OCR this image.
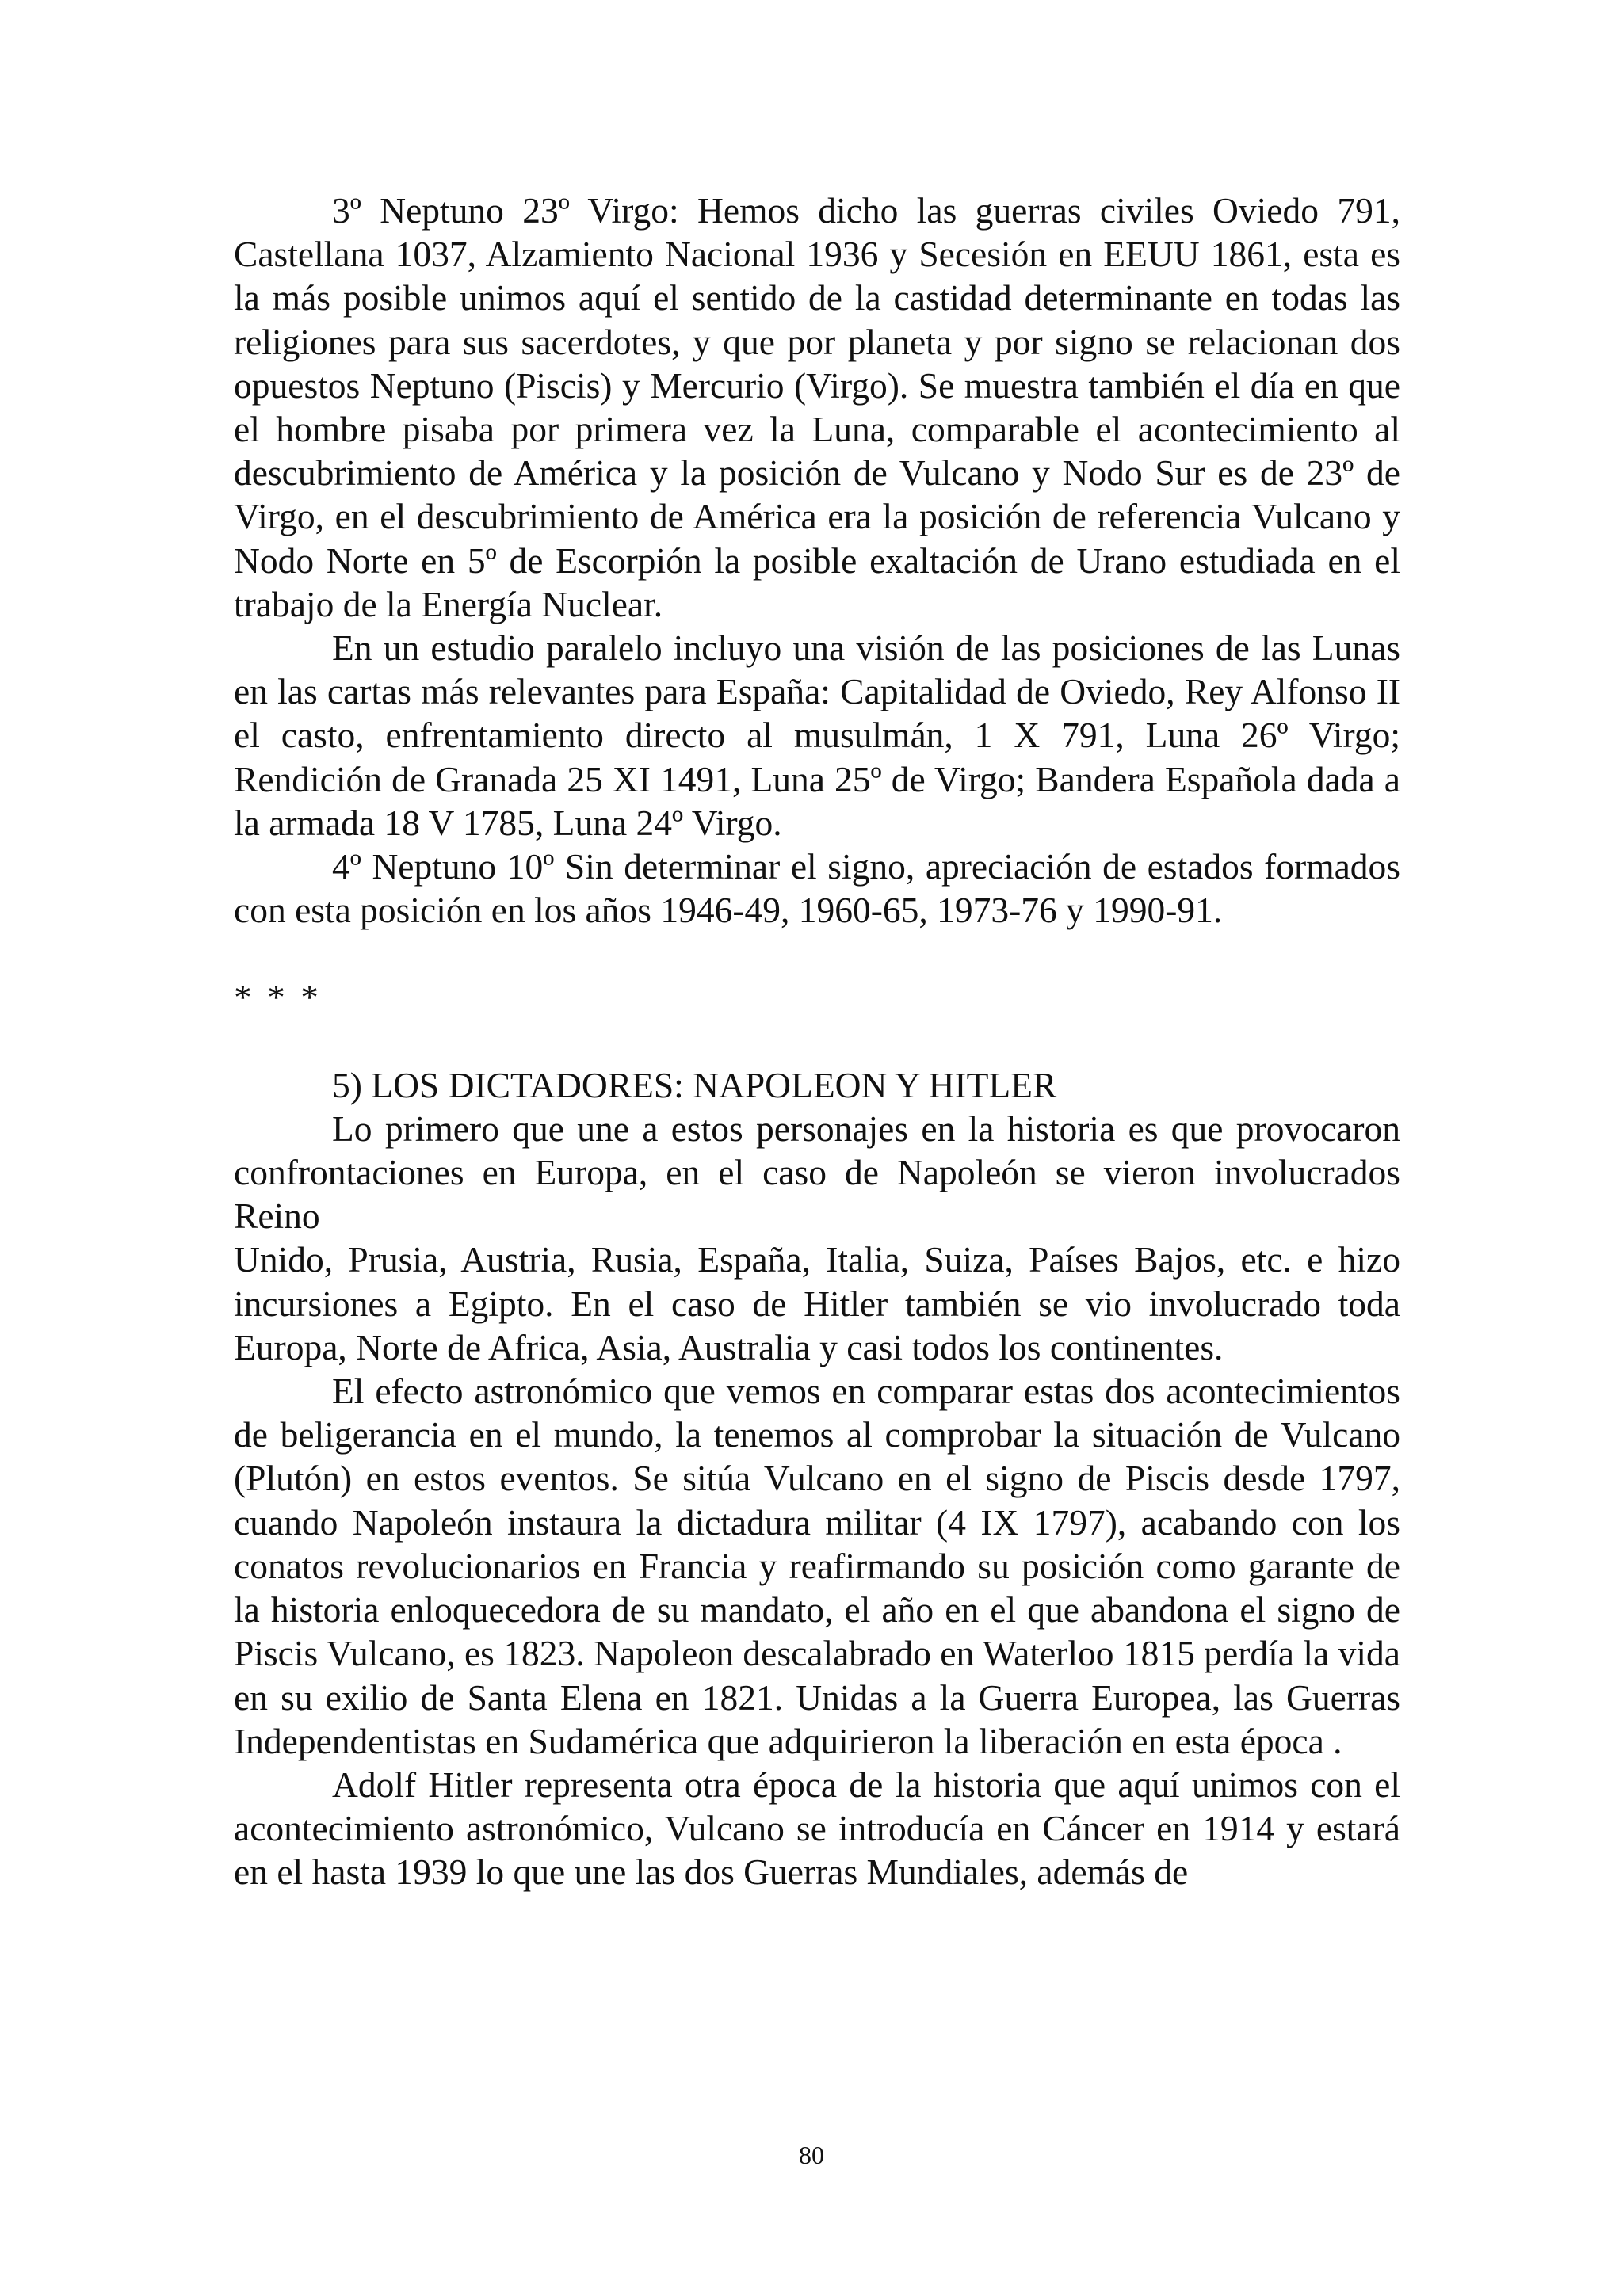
3º Neptuno 23º Virgo: Hemos dicho las guerras civiles Oviedo 791, Castellana 1037, Alzamiento Nacional 1936 y Secesión en EEUU 1861, esta es la más posible unimos aquí el sentido de la castidad determinante en todas las religiones para sus sacerdotes, y que por planeta y por signo se relacionan dos opuestos Neptuno (Piscis) y Mercurio (Virgo). Se muestra también el día en que el hombre pisaba por primera vez la Luna, comparable el acontecimiento al descubrimiento de América y la posición de Vulcano y Nodo Sur es de 23º de Virgo, en el descubrimiento de América era la posición de referencia Vulcano y Nodo Norte en 5º de Escorpión la posible exaltación de Urano estudiada en el trabajo de la Energía Nuclear.

En un estudio paralelo incluyo una visión de las posiciones de las Lunas en las cartas más relevantes para España: Capitalidad de Oviedo, Rey Alfonso II el casto, enfrentamiento directo al musulmán, 1 X 791, Luna 26º Virgo; Rendición de Granada 25 XI 1491, Luna 25º de Virgo; Bandera Española dada a la armada 18 V 1785, Luna 24º Virgo.

4º Neptuno 10º Sin determinar el signo, apreciación de estados formados con esta posición en los años 1946-49, 1960-65, 1973-76 y 1990-91.

* * *

5) LOS DICTADORES: NAPOLEON Y HITLER

Lo primero que une a estos personajes en la historia es que provocaron confrontaciones en Europa, en el caso de Napoleón se vieron involucrados Reino

Unido, Prusia, Austria, Rusia, España, Italia, Suiza, Países Bajos, etc. e hizo incursiones a Egipto. En el caso de Hitler también se vio involucrado toda Europa, Norte de Africa, Asia, Australia y casi todos los continentes.

El efecto astronómico que vemos en comparar estas dos acontecimientos de beligerancia en el mundo, la tenemos al comprobar la situación de Vulcano (Plutón) en estos eventos. Se sitúa Vulcano en el signo de Piscis desde 1797, cuando Napoleón instaura la dictadura militar (4 IX 1797), acabando con los conatos revolucionarios en Francia y reafirmando su posición como garante de la historia enloquecedora de su mandato, el año en el que abandona el signo de Piscis Vulcano, es 1823. Napoleon descalabrado en Waterloo 1815 perdía la vida en su exilio de Santa Elena en 1821. Unidas a la Guerra Europea, las Guerras Independentistas en Sudamérica que adquirieron la liberación en esta época .

Adolf Hitler representa otra época de la historia que aquí unimos con el acontecimiento astronómico, Vulcano se introducía en Cáncer en 1914 y estará en el hasta 1939 lo que une las dos Guerras Mundiales, además de

80
